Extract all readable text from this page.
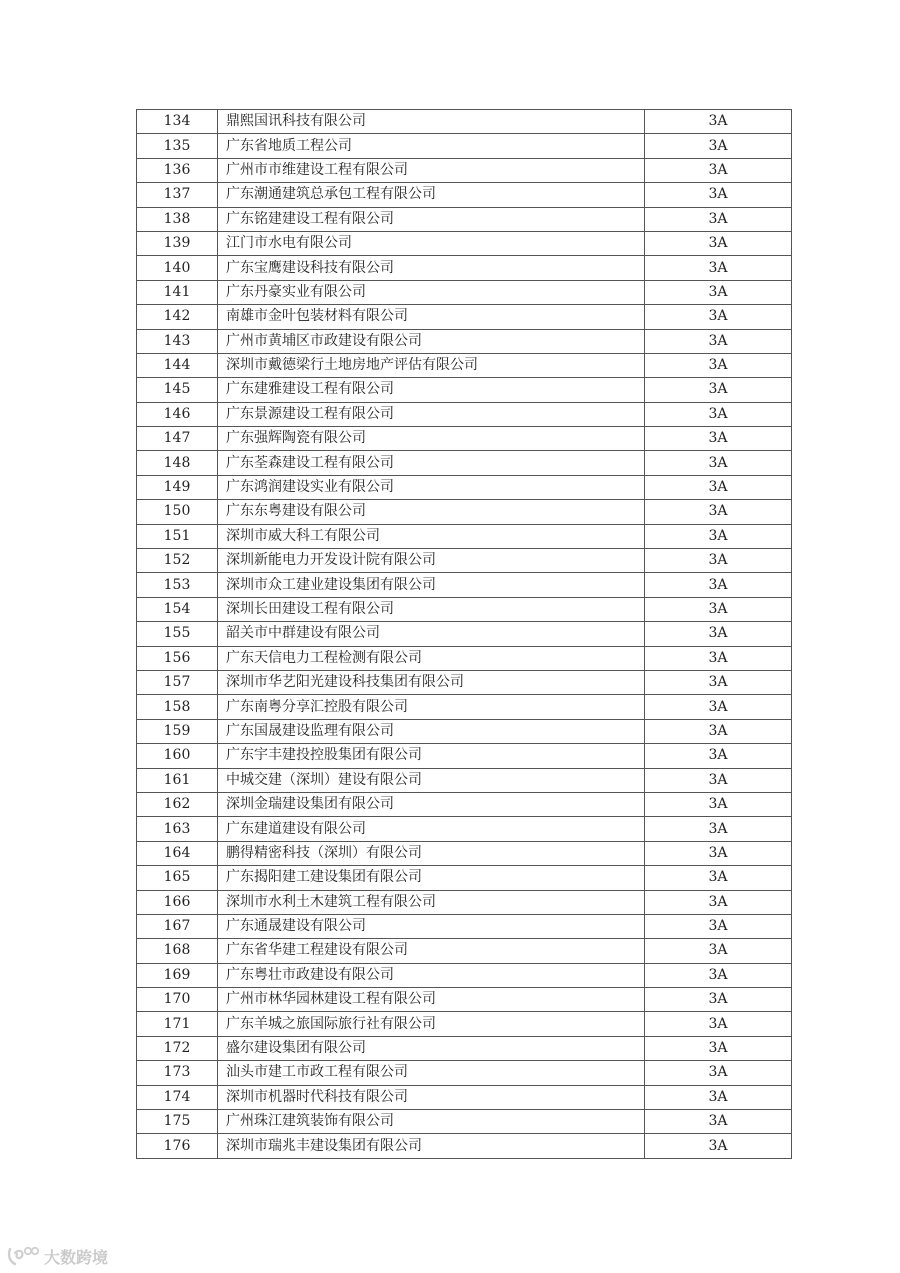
134	鼎熙国讯科技有限公司	3A
135	广东省地质工程公司	3A
136	广州市市维建设工程有限公司	3A
137	广东潮通建筑总承包工程有限公司	3A
138	广东铭建建设工程有限公司	3A
139	江门市水电有限公司	3A
140	广东宝鹰建设科技有限公司	3A
141	广东丹豪实业有限公司	3A
142	南雄市金叶包装材料有限公司	3A
143	广州市黄埔区市政建设有限公司	3A
144	深圳市戴德梁行土地房地产评估有限公司	3A
145	广东建雅建设工程有限公司	3A
146	广东景源建设工程有限公司	3A
147	广东强辉陶瓷有限公司	3A
148	广东荃森建设工程有限公司	3A
149	广东鸿润建设实业有限公司	3A
150	广东东粤建设有限公司	3A
151	深圳市威大科工有限公司	3A
152	深圳新能电力开发设计院有限公司	3A
153	深圳市众工建业建设集团有限公司	3A
154	深圳长田建设工程有限公司	3A
155	韶关市中群建设有限公司	3A
156	广东天信电力工程检测有限公司	3A
157	深圳市华艺阳光建设科技集团有限公司	3A
158	广东南粤分享汇控股有限公司	3A
159	广东国晟建设监理有限公司	3A
160	广东宇丰建投控股集团有限公司	3A
161	中城交建（深圳）建设有限公司	3A
162	深圳金瑞建设集团有限公司	3A
163	广东建道建设有限公司	3A
164	鹏得精密科技（深圳）有限公司	3A
165	广东揭阳建工建设集团有限公司	3A
166	深圳市水利土木建筑工程有限公司	3A
167	广东通晟建设有限公司	3A
168	广东省华建工程建设有限公司	3A
169	广东粤壮市政建设有限公司	3A
170	广州市林华园林建设工程有限公司	3A
171	广东羊城之旅国际旅行社有限公司	3A
172	盛尔建设集团有限公司	3A
173	汕头市建工市政工程有限公司	3A
174	深圳市机器时代科技有限公司	3A
175	广州珠江建筑装饰有限公司	3A
176	深圳市瑞兆丰建设集团有限公司	3A
大数跨境
